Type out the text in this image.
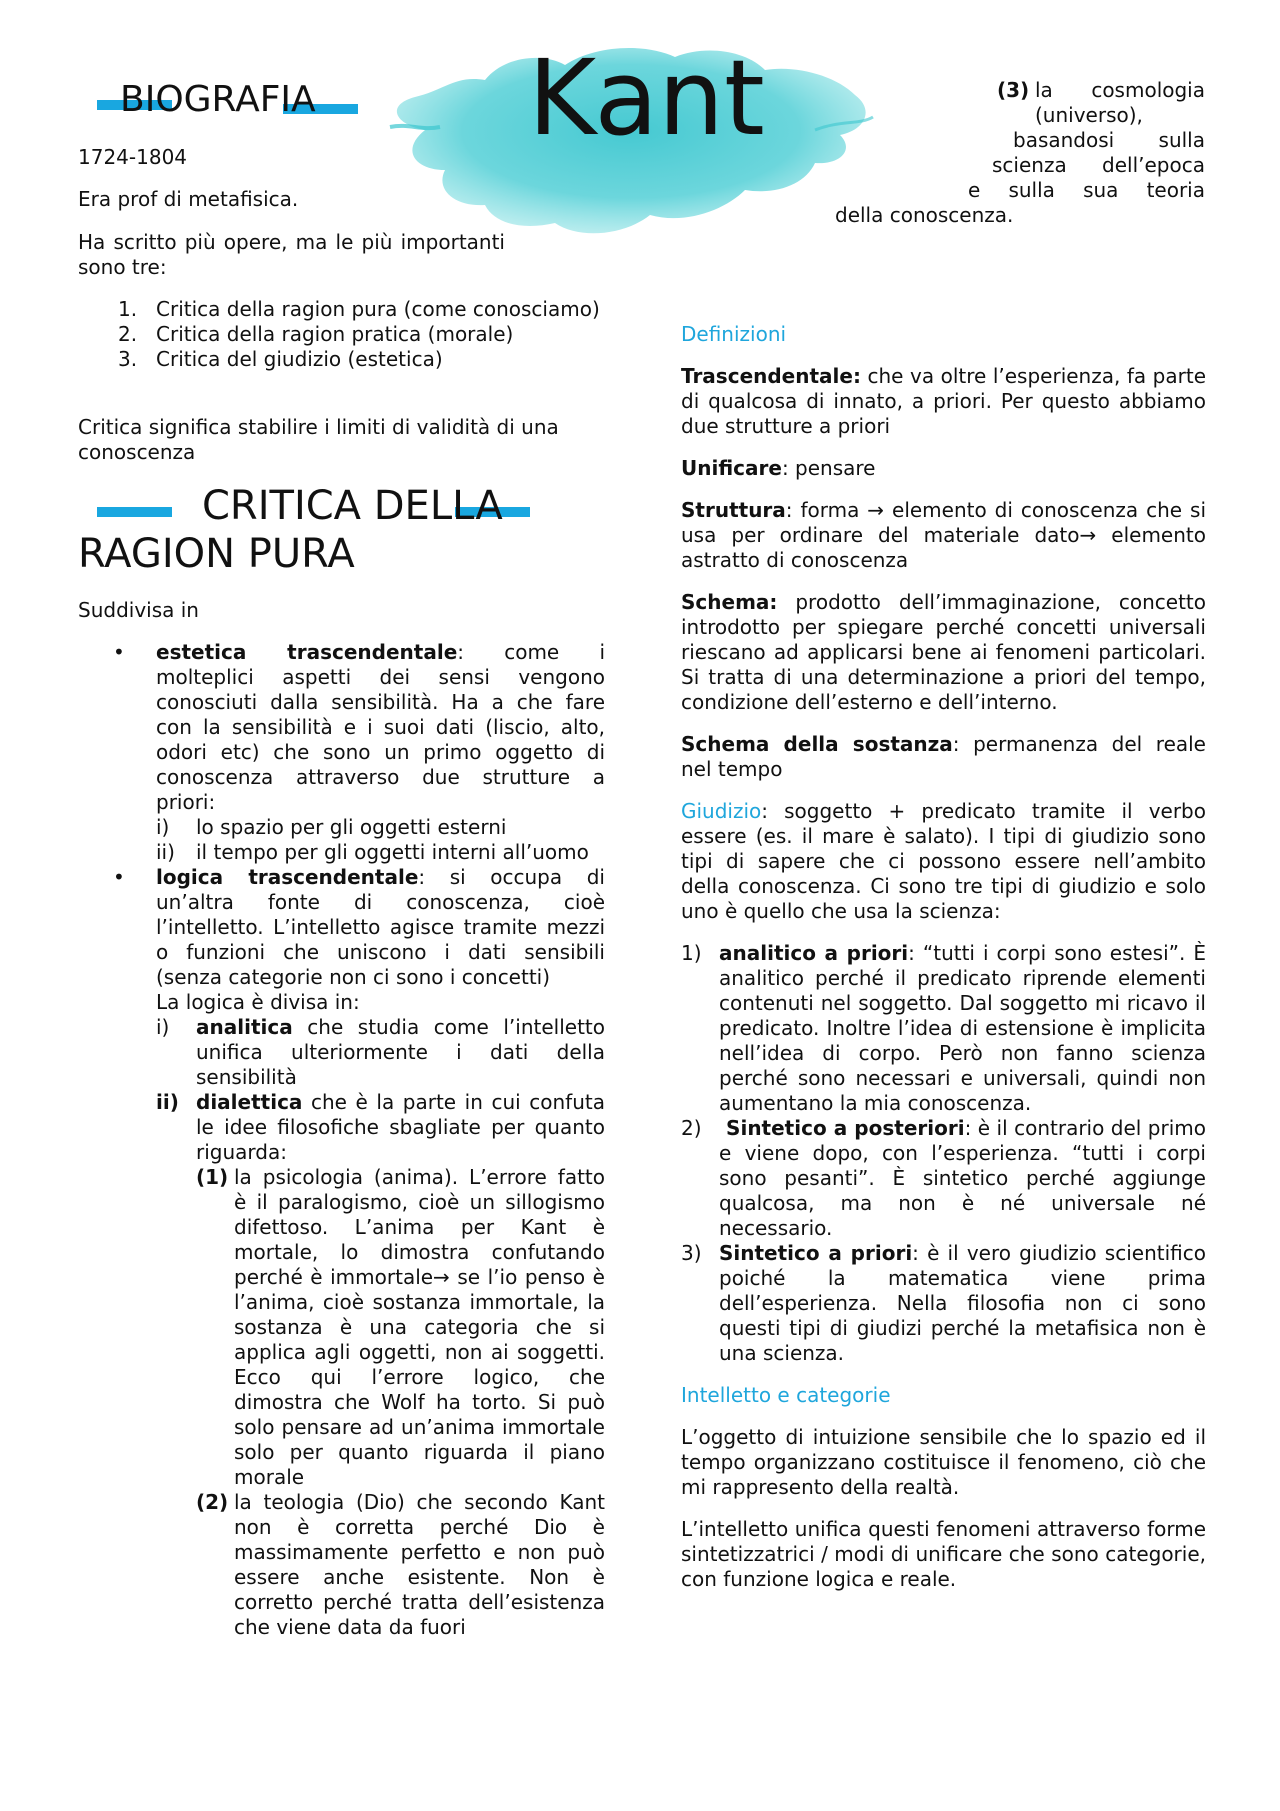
Kant
BIOGRAFIA

1724-1804

Era prof di metafisica.

Ha scritto più opere, ma le più importanti sono tre:

1. Critica della ragion pura (come conosciamo)

2. Critica della ragion pratica (morale)

3. Critica del giudizio (estetica)

Critica significa stabilire i limiti di validità di una conoscenza

CRITICA DELLA
RAGION PURA

Suddivisa in

• estetica trascendentale: come i molteplici aspetti dei sensi vengono conosciuti dalla sensibilità. Ha a che fare con la sensibilità e i suoi dati (liscio, alto, odori etc) che sono un primo oggetto di conoscenza attraverso due strutture a priori:

i) lo spazio per gli oggetti esterni

ii) il tempo per gli oggetti interni all’uomo

• logica trascendentale: si occupa di un’altra fonte di conoscenza, cioè l’intelletto. L’intelletto agisce tramite mezzi o funzioni che uniscono i dati sensibili (senza categorie non ci sono i concetti)

La logica è divisa in:

i) analitica che studia come l’intelletto unifica ulteriormente i dati della sensibilità

ii) dialettica che è la parte in cui confuta le idee filosofiche sbagliate per quanto riguarda:

(1) la psicologia (anima). L’errore fatto è il paralogismo, cioè un sillogismo difettoso. L’anima per Kant è mortale, lo dimostra confutando perché è immortale→ se l’io penso è l’anima, cioè sostanza immortale, la sostanza è una categoria che si applica agli oggetti, non ai soggetti. Ecco qui l’errore logico, che dimostra che Wolf ha torto. Si può solo pensare ad un’anima immortale solo per quanto riguarda il piano morale

(2) la teologia (Dio) che secondo Kant non è corretta perché Dio è massimamente perfetto e non può essere anche esistente. Non è corretto perché tratta dell’esistenza che viene data da fuori

(3) la cosmologia
(universo),
basandosi sulla
scienza dell’epoca
e sulla sua teoria
della conoscenza.

Definizioni

Trascendentale: che va oltre l’esperienza, fa parte di qualcosa di innato, a priori. Per questo abbiamo due strutture a priori

Unificare: pensare

Struttura: forma → elemento di conoscenza che si usa per ordinare del materiale dato→ elemento astratto di conoscenza

Schema: prodotto dell’immaginazione, concetto introdotto per spiegare perché concetti universali riescano ad applicarsi bene ai fenomeni particolari. Si tratta di una determinazione a priori del tempo, condizione dell’esterno e dell’interno.

Schema della sostanza: permanenza del reale nel tempo

Giudizio: soggetto + predicato tramite il verbo essere (es. il mare è salato). I tipi di giudizio sono tipi di sapere che ci possono essere nell’ambito della conoscenza. Ci sono tre tipi di giudizio e solo uno è quello che usa la scienza:

1) analitico a priori: “tutti i corpi sono estesi”. È analitico perché il predicato riprende elementi contenuti nel soggetto. Dal soggetto mi ricavo il predicato. Inoltre l’idea di estensione è implicita nell’idea di corpo. Però non fanno scienza perché sono necessari e universali, quindi non aumentano la mia conoscenza.

2) Sintetico a posteriori: è il contrario del primo e viene dopo, con l’esperienza. “tutti i corpi sono pesanti”. È sintetico perché aggiunge qualcosa, ma non è né universale né necessario.

3) Sintetico a priori: è il vero giudizio scientifico poiché la matematica viene prima dell’esperienza. Nella filosofia non ci sono questi tipi di giudizi perché la metafisica non è una scienza.

Intelletto e categorie

L’oggetto di intuizione sensibile che lo spazio ed il tempo organizzano costituisce il fenomeno, ciò che mi rappresento della realtà.

L’intelletto unifica questi fenomeni attraverso forme sintetizzatrici / modi di unificare che sono categorie, con funzione logica e reale.
